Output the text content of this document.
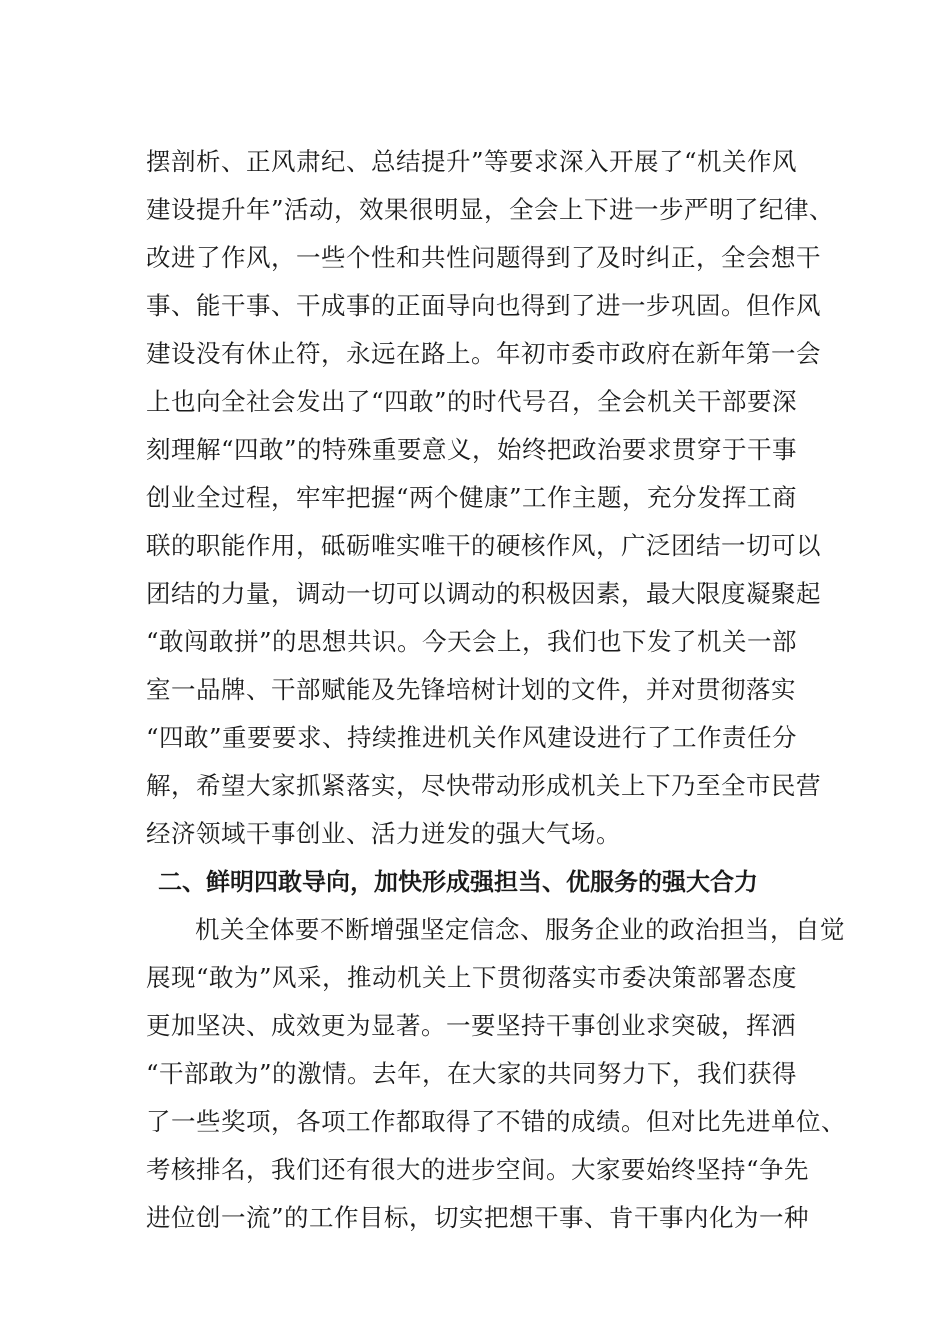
摆剖析、正风肃纪、总结提升”等要求深入开展了“机关作风
建设提升年”活动，效果很明显，全会上下进一步严明了纪律、
改进了作风，一些个性和共性问题得到了及时纠正，全会想干
事、能干事、干成事的正面导向也得到了进一步巩固。但作风
建设没有休止符，永远在路上。年初市委市政府在新年第一会
上也向全社会发出了“四敢”的时代号召，全会机关干部要深
刻理解“四敢”的特殊重要意义，始终把政治要求贯穿于干事
创业全过程，牢牢把握“两个健康”工作主题，充分发挥工商
联的职能作用，砥砺唯实唯干的硬核作风，广泛团结一切可以
团结的力量，调动一切可以调动的积极因素，最大限度凝聚起
“敢闯敢拼”的思想共识。今天会上，我们也下发了机关一部
室一品牌、干部赋能及先锋培树计划的文件，并对贯彻落实
“四敢”重要要求、持续推进机关作风建设进行了工作责任分
解，希望大家抓紧落实，尽快带动形成机关上下乃至全市民营
经济领域干事创业、活力迸发的强大气场。
二、鲜明四敢导向，加快形成强担当、优服务的强大合力
机关全体要不断增强坚定信念、服务企业的政治担当，自觉
展现“敢为”风采，推动机关上下贯彻落实市委决策部署态度
更加坚决、成效更为显著。一要坚持干事创业求突破，挥洒
“干部敢为”的激情。去年，在大家的共同努力下，我们获得
了一些奖项，各项工作都取得了不错的成绩。但对比先进单位、
考核排名，我们还有很大的进步空间。大家要始终坚持“争先
进位创一流”的工作目标，切实把想干事、肯干事内化为一种
